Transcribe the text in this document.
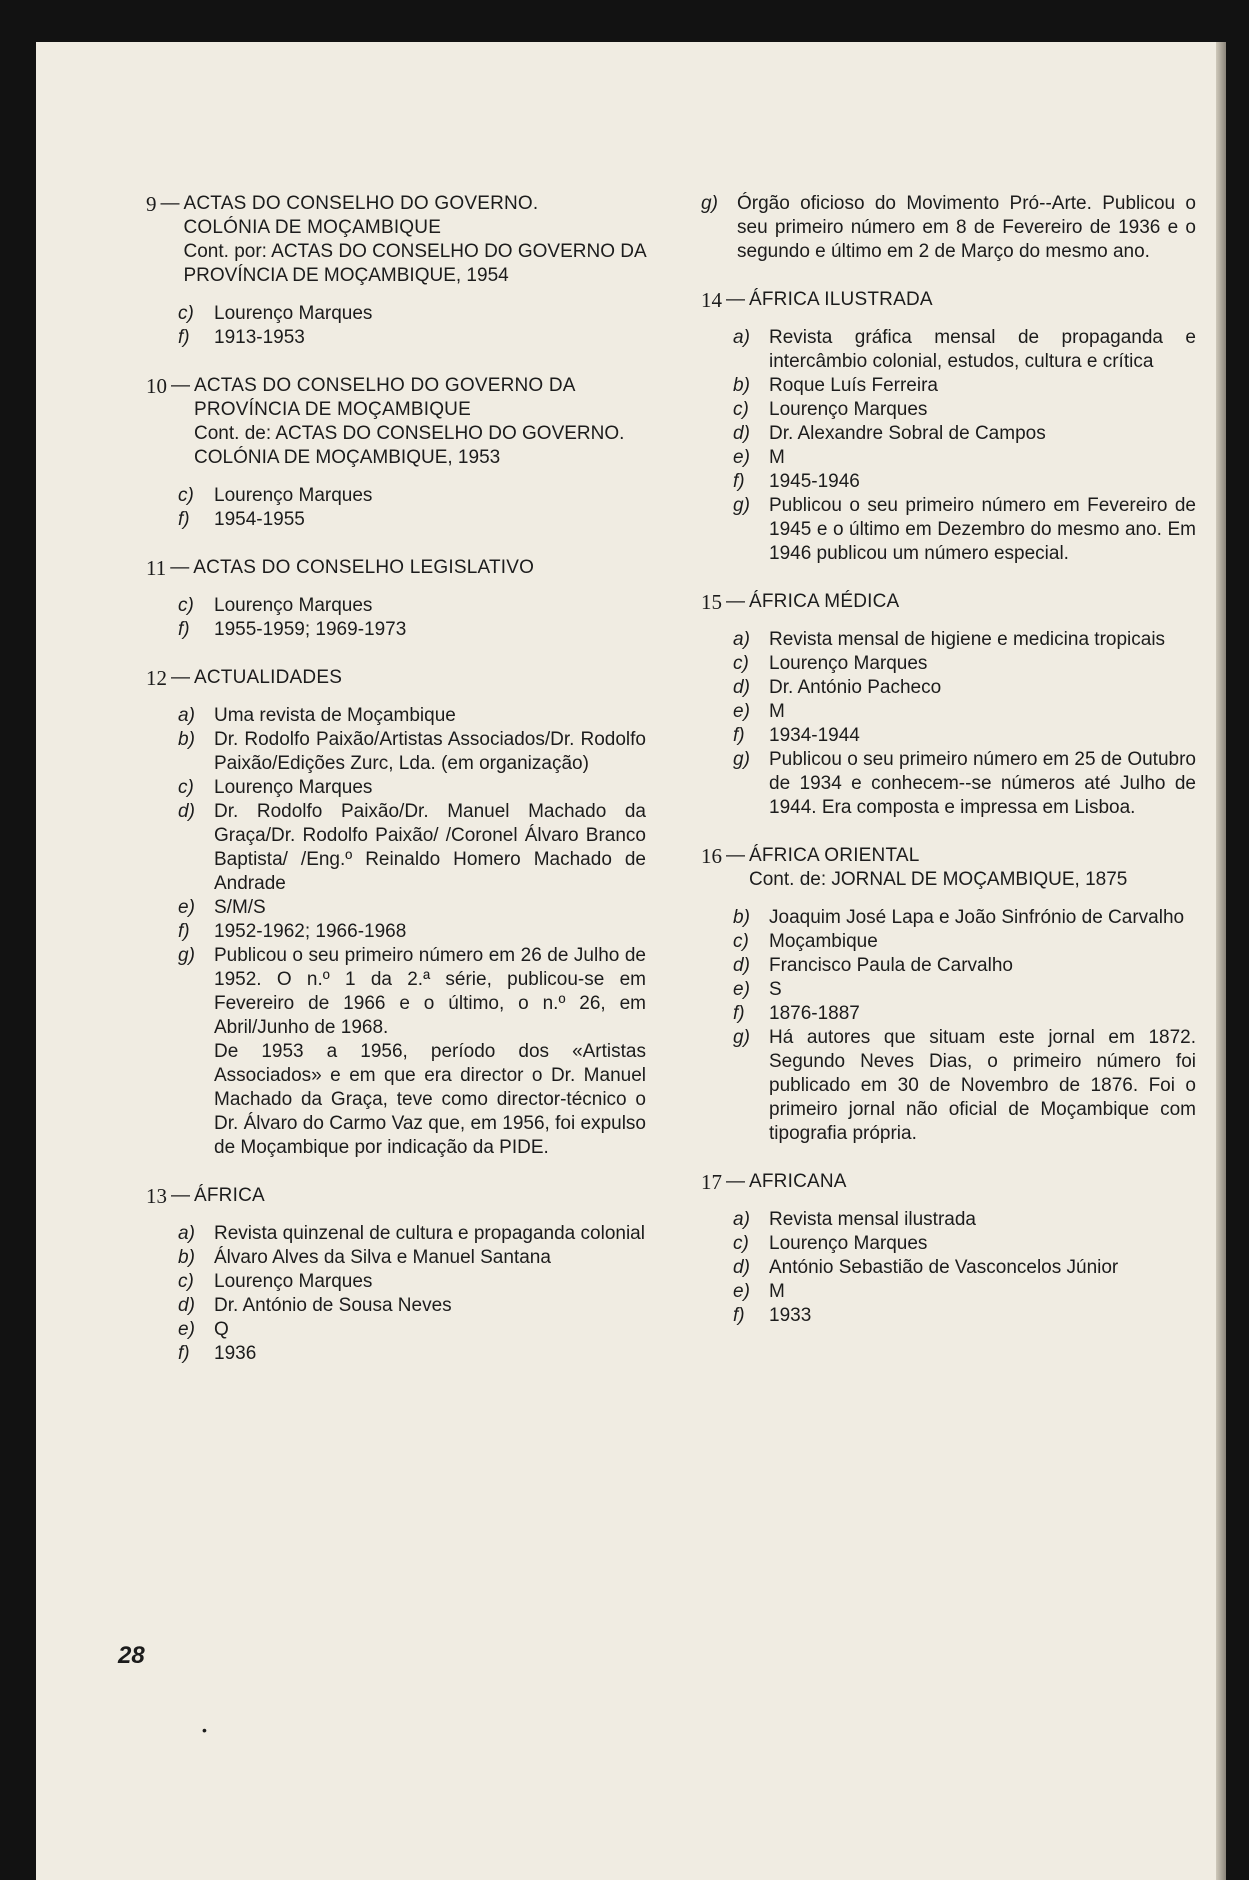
9 — ACTAS DO CONSELHO DO GOVERNO.
COLÓNIA DE MOÇAMBIQUE
Cont. por: ACTAS DO CONSELHO DO GOVERNO DA PROVÍNCIA DE MOÇAMBIQUE, 1954
c)	Lourenço Marques
f)	1913-1953
10 — ACTAS DO CONSELHO DO GOVERNO DA PROVÍNCIA DE MOÇAMBIQUE
Cont. de: ACTAS DO CONSELHO DO GOVERNO. COLÓNIA DE MOÇAMBIQUE, 1953
c)	Lourenço Marques
f)	1954-1955
11 — ACTAS DO CONSELHO LEGISLATIVO
c)	Lourenço Marques
f)	1955-1959; 1969-1973
12 — ACTUALIDADES
a)	Uma revista de Moçambique
b)	Dr. Rodolfo Paixão/Artistas Associados/Dr. Rodolfo Paixão/Edições Zurc, Lda. (em organização)
c)	Lourenço Marques
d)	Dr. Rodolfo Paixão/Dr. Manuel Machado da Graça/Dr. Rodolfo Paixão/ /Coronel Álvaro Branco Baptista/ /Eng.º Reinaldo Homero Machado de Andrade
e)	S/M/S
f)	1952-1962; 1966-1968
g)	Publicou o seu primeiro número em 26 de Julho de 1952. O n.º 1 da 2.ª série, publicou-se em Fevereiro de 1966 e o último, o n.º 26, em Abril/Junho de 1968.
De 1953 a 1956, período dos «Artistas Associados» e em que era director o Dr. Manuel Machado da Graça, teve como director-técnico o Dr. Álvaro do Carmo Vaz que, em 1956, foi expulso de Moçambique por indicação da PIDE.
13 — ÁFRICA
a)	Revista quinzenal de cultura e propaganda colonial
b)	Álvaro Alves da Silva e Manuel Santana
c)	Lourenço Marques
d)	Dr. António de Sousa Neves
e)	Q
f)	1936
g)	Órgão oficioso do Movimento Pró--Arte. Publicou o seu primeiro número em 8 de Fevereiro de 1936 e o segundo e último em 2 de Março do mesmo ano.
14 — ÁFRICA ILUSTRADA
a)	Revista gráfica mensal de propaganda e intercâmbio colonial, estudos, cultura e crítica
b)	Roque Luís Ferreira
c)	Lourenço Marques
d)	Dr. Alexandre Sobral de Campos
e)	M
f)	1945-1946
g)	Publicou o seu primeiro número em Fevereiro de 1945 e o último em Dezembro do mesmo ano. Em 1946 publicou um número especial.
15 — ÁFRICA MÉDICA
a)	Revista mensal de higiene e medicina tropicais
c)	Lourenço Marques
d)	Dr. António Pacheco
e)	M
f)	1934-1944
g)	Publicou o seu primeiro número em 25 de Outubro de 1934 e conhecem--se números até Julho de 1944. Era composta e impressa em Lisboa.
16 — ÁFRICA ORIENTAL
Cont. de: JORNAL DE MOÇAMBIQUE, 1875
b)	Joaquim José Lapa e João Sinfrónio de Carvalho
c)	Moçambique
d)	Francisco Paula de Carvalho
e)	S
f)	1876-1887
g)	Há autores que situam este jornal em 1872. Segundo Neves Dias, o primeiro número foi publicado em 30 de Novembro de 1876. Foi o primeiro jornal não oficial de Moçambique com tipografia própria.
17 — AFRICANA
a)	Revista mensal ilustrada
c)	Lourenço Marques
d)	António Sebastião de Vasconcelos Júnior
e)	M
f)	1933
28
•
